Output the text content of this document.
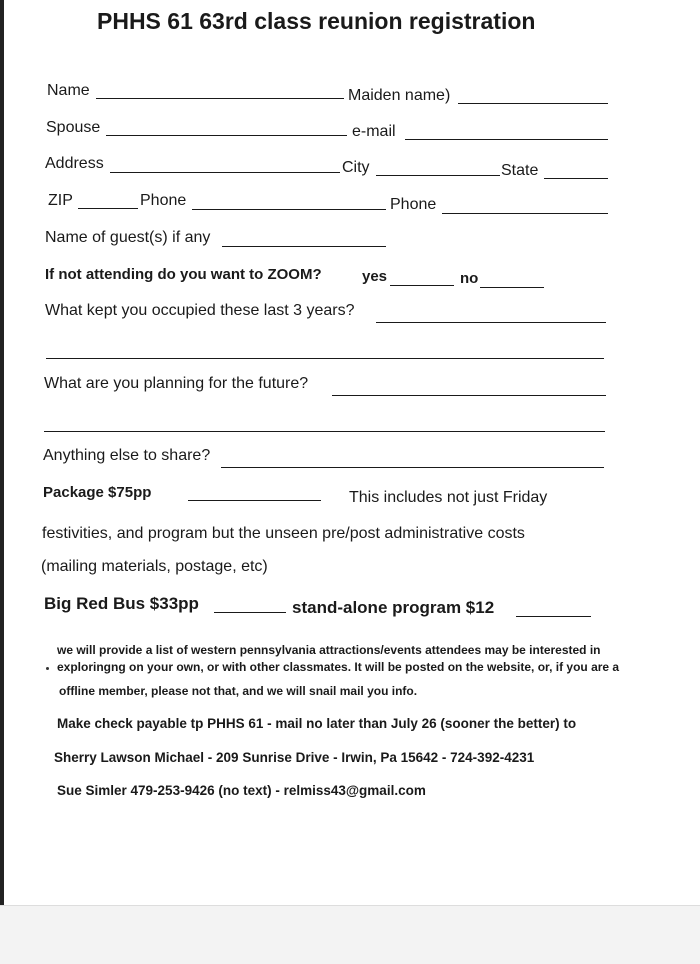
PHHS 61 63rd class reunion registration
Name	Maiden name)
Spouse	e-mail
Address	City	State
ZIP	Phone	Phone
Name of guest(s) if any
If not attending do you want to ZOOM?	yes	no
What kept you occupied these last 3 years?
What are you planning for the future?
Anything else to share?
Package $75pp	This includes not just Friday
festivities, and program but the unseen pre/post administrative costs
(mailing materials, postage, etc)
Big Red Bus $33pp	stand-alone program $12
we will provide a list of western pennsylvania attractions/events attendees may be interested in
exploringng on your own, or with other classmates. It will be posted on the website, or, if you are a
offline member, please not that, and we will snail mail you info.
Make check payable tp PHHS 61 - mail no later than July 26 (sooner the better) to
Sherry Lawson Michael - 209 Sunrise Drive - Irwin, Pa 15642 - 724-392-4231
Sue Simler 479-253-9426 (no text) - relmiss43@gmail.com
